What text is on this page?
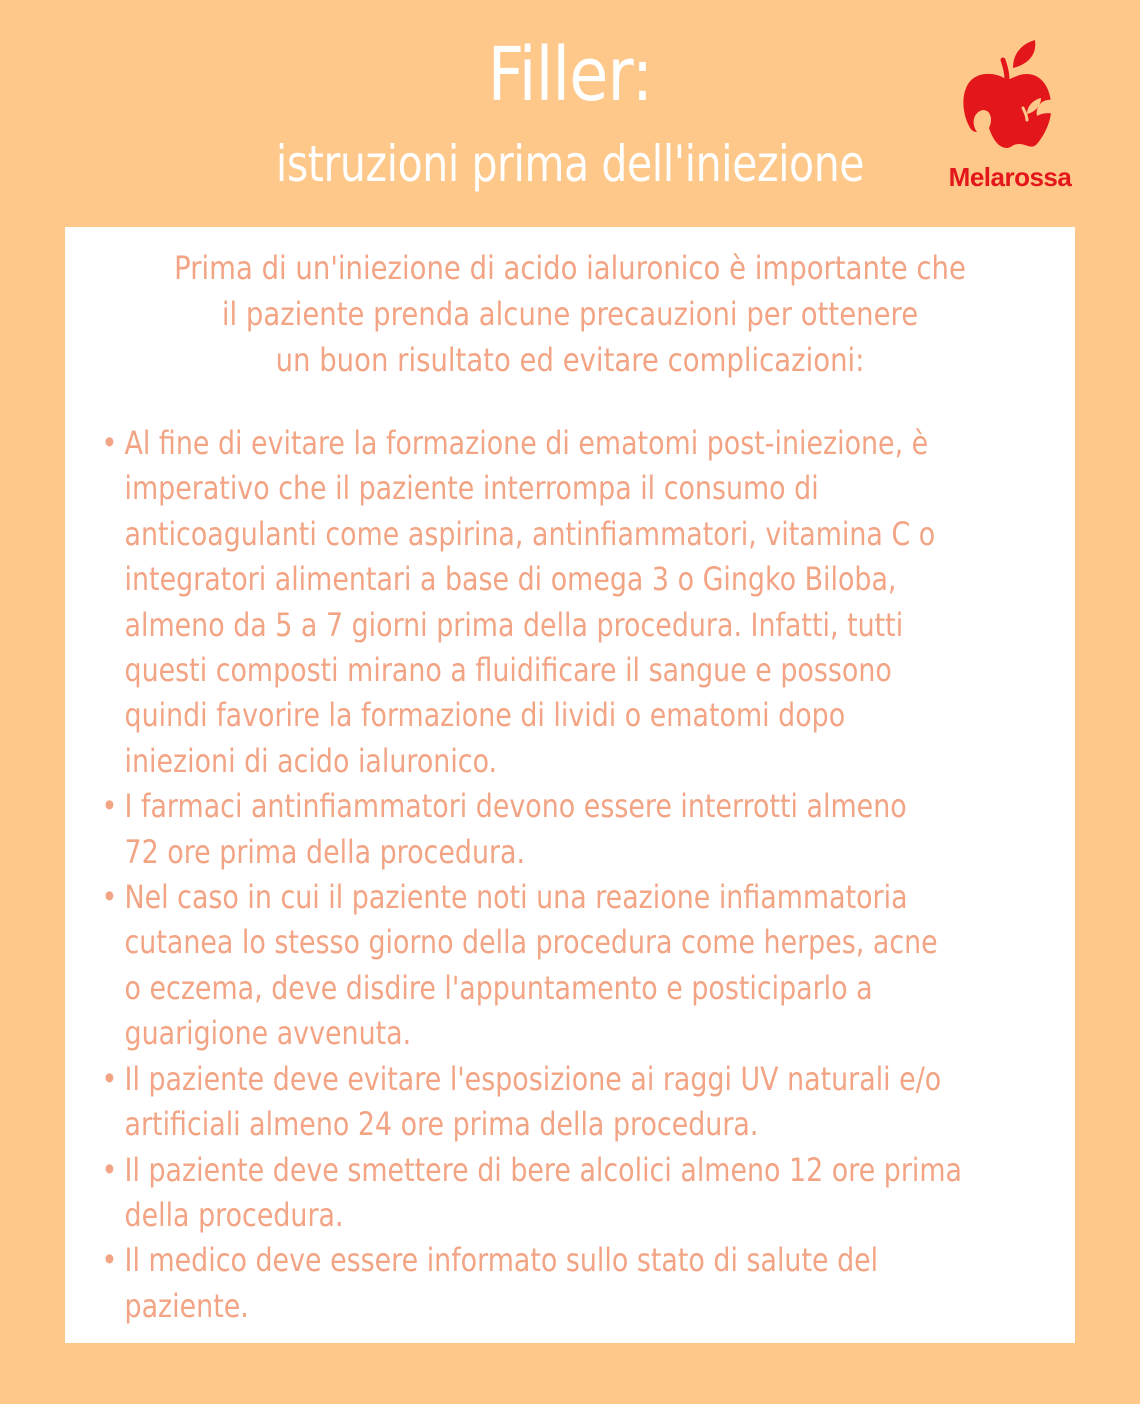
Filler:
istruzioni prima dell'iniezione	Melarossa
Prima di un'iniezione di acido ialuronico è importante che
il paziente prenda alcune precauzioni per ottenere
un buon risultato ed evitare complicazioni:
• Al fine di evitare la formazione di ematomi post-iniezione, è
imperativo che il paziente interrompa il consumo di
anticoagulanti come aspirina, antinfiammatori, vitamina C o
integratori alimentari a base di omega 3 o Gingko Biloba,
almeno da 5 a 7 giorni prima della procedura. Infatti, tutti
questi composti mirano a fluidificare il sangue e possono
quindi favorire la formazione di lividi o ematomi dopo
iniezioni di acido ialuronico.
• I farmaci antinfiammatori devono essere interrotti almeno
72 ore prima della procedura.
• Nel caso in cui il paziente noti una reazione infiammatoria
cutanea lo stesso giorno della procedura come herpes, acne
o eczema, deve disdire l'appuntamento e posticiparlo a
guarigione avvenuta.
• Il paziente deve evitare l'esposizione ai raggi UV naturali e/o
artificiali almeno 24 ore prima della procedura.
• Il paziente deve smettere di bere alcolici almeno 12 ore prima
della procedura.
• Il medico deve essere informato sullo stato di salute del
paziente.
